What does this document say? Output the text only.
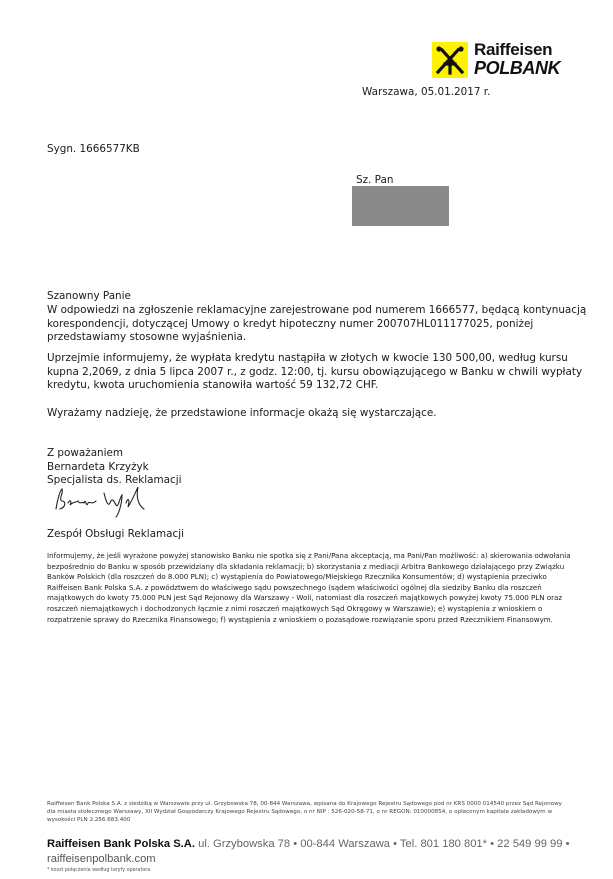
Raiffeisen
POLBANK
Warszawa, 05.01.2017 r.
Sygn. 1666577KB
Sz. Pan
Szanowny Panie

W odpowiedzi na zgłoszenie reklamacyjne zarejestrowane pod numerem 1666577, będącą kontynuacją korespondencji, dotyczącej Umowy o kredyt hipoteczny numer 200707HL011177025, poniżej przedstawiamy stosowne wyjaśnienia.

Uprzejmie informujemy, że wypłata kredytu nastąpiła w złotych w kwocie 130 500,00, według kursu kupna 2,2069, z dnia 5 lipca 2007 r., z godz. 12:00, tj. kursu obowiązującego w Banku w chwili wypłaty kredytu, kwota uruchomienia stanowiła wartość 59 132,72 CHF.

Wyrażamy nadzieję, że przedstawione informacje okażą się wystarczające.

Z poważaniem
Bernardeta Krzyżyk
Specjalista ds. Reklamacji
Zespół Obsługi Reklamacji

Informujemy, że jeśli wyrażone powyżej stanowisko Banku nie spotka się z Pani/Pana akceptacją, ma Pani/Pan możliwość: a) skierowania odwołania bezpośrednio do Banku w sposób przewidziany dla składania reklamacji; b) skorzystania z mediacji Arbitra Bankowego działającego przy Związku Banków Polskich (dla roszczeń do 8.000 PLN); c) wystąpienia do Powiatowego/Miejskiego Rzecznika Konsumentów; d) wystąpienia przeciwko Raiffeisen Bank Polska S.A. z powództwem do właściwego sądu powszechnego (sądem właściwości ogólnej dla siedziby Banku dla roszczeń majątkowych do kwoty 75.000 PLN jest Sąd Rejonowy dla Warszawy - Woli, natomiast dla roszczeń majątkowych powyżej kwoty 75.000 PLN oraz roszczeń niemajątkowych i dochodzonych łącznie z nimi roszczeń majątkowych Sąd Okręgowy w Warszawie); e) wystąpienia z wnioskiem o rozpatrzenie sprawy do Rzecznika Finansowego; f) wystąpienia z wnioskiem o pozasądowe rozwiązanie sporu przed Rzecznikiem Finansowym.

Raiffeisen Bank Polska S.A. z siedzibą w Warszawie przy ul. Grzybowska 78, 00-844 Warszawa, wpisana do Krajowego Rejestru Sądowego pod nr KRS 0000 014540 przez Sąd Rejonowy dla miasta stołecznego Warszawy, XII Wydział Gospodarczy Krajowego Rejestru Sądowego, o nr NIP : 526-020-58-71, o nr REGON: 010000854, o opłaconym kapitale zakładowym w wysokości PLN 2.256.683.400

Raiffeisen Bank Polska S.A. ul. Grzybowska 78 • 00-844 Warszawa • Tel. 801 180 801* • 22 549 99 99 •
raiffeisenpolbank.com
* koszt połączenia według taryfy operatora
